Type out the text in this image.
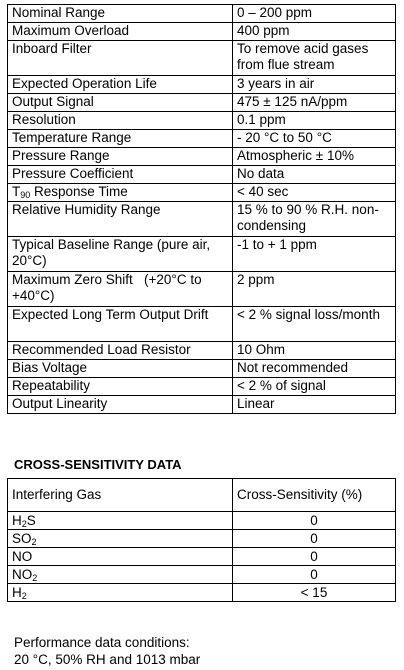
Nominal Range	0 – 200 ppm
Maximum Overload	400 ppm
Inboard Filter	To remove acid gases from flue stream
Expected Operation Life	3 years in air
Output Signal	475 ± 125 nA/ppm
Resolution	0.1 ppm
Temperature Range	- 20 °C to 50 °C
Pressure Range	Atmospheric ± 10%
Pressure Coefficient	No data
$T_{90}$ Response Time	< 40 sec
Relative Humidity Range	15 % to 90 % R.H. non-condensing
Typical Baseline Range (pure air, 20°C)	-1 to + 1 ppm
Maximum Zero Shift   (+20°C to +40°C)	2 ppm
Expected Long Term Output Drift	< 2 % signal loss/month
Recommended Load Resistor	10 Ohm
Bias Voltage	Not recommended
Repeatability	< 2 % of signal
Output Linearity	Linear
CROSS-SENSITIVITY DATA
Interfering Gas	Cross-Sensitivity (%)
$H_2S$	0
$SO_2$	0
NO	0
$NO_2$	0
$H_2$	< 15
Performance data conditions:
20 °C, 50% RH and 1013 mbar
